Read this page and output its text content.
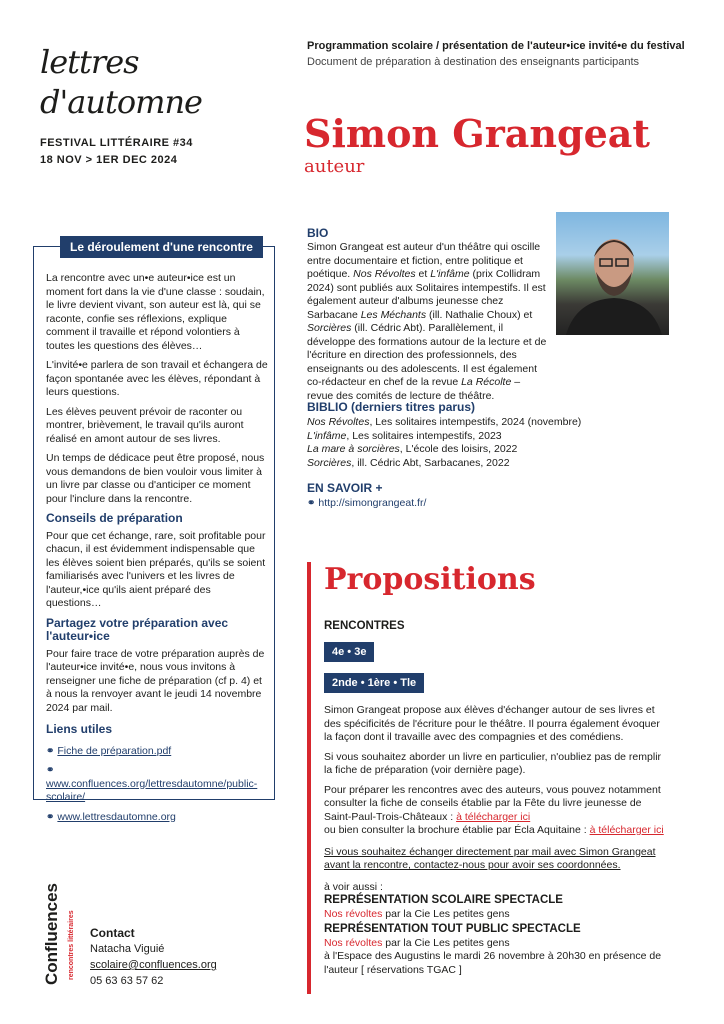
lettres
d'automne
FESTIVAL LITTÉRAIRE #34
18 NOV > 1ER DEC 2024
Programmation scolaire / présentation de l'auteur•ice invité•e du festival
Document de préparation à destination des enseignants participants
Simon Grangeat
auteur
Le déroulement d'une rencontre

La rencontre avec un•e auteur•ice est un moment fort dans la vie d'une classe : soudain, le livre devient vivant, son auteur est là, qui se raconte, confie ses réflexions, explique comment il travaille et répond volontiers à toutes les questions des élèves…

L'invité•e parlera de son travail et échangera de façon spontanée avec les élèves, répondant à leurs questions.

Les élèves peuvent prévoir de raconter ou montrer, brièvement, le travail qu'ils auront réalisé en amont autour de ses livres.

Un temps de dédicace peut être proposé, nous vous demandons de bien vouloir vous limiter à un livre par classe ou d'anticiper ce moment pour l'inclure dans la rencontre.

Conseils de préparation

Pour que cet échange, rare, soit profitable pour chacun, il est évidemment indispensable que les élèves soient bien préparés, qu'ils se soient familiarisés avec l'univers et les livres de l'auteur,•ice qu'ils aient préparé des questions…

Partagez votre préparation avec l'auteur•ice

Pour faire trace de votre préparation auprès de l'auteur•ice invité•e, nous vous invitons à renseigner une fiche de préparation (cf p. 4) et à nous la renvoyer avant le jeudi 14 novembre 2024 par mail.

Liens utiles
⚭ Fiche de préparation.pdf
⚭www.confluences.org/lettresdautomne/public-scolaire/
⚭ www.lettresdautomne.org
BIO
Simon Grangeat est auteur d'un théâtre qui oscille entre documentaire et fiction, entre politique et poétique. Nos Révoltes et L'infâme (prix Collidram 2024) sont publiés aux Solitaires intempestifs. Il est également auteur d'albums jeunesse chez Sarbacane Les Méchants (ill. Nathalie Choux) et Sorcières (ill. Cédric Abt). Parallèlement, il développe des formations autour de la lecture et de l'écriture en direction des professionnels, des enseignants ou des adolescents. Il est également co-rédacteur en chef de la revue La Récolte – revue des comités de lecture de théâtre.
BIBLIO (derniers titres parus)
Nos Révoltes, Les solitaires intempestifs, 2024 (novembre)
L'infâme, Les solitaires intempestifs, 2023
La mare à sorcières, L'école des loisirs, 2022
Sorcières, ill. Cédric Abt, Sarbacanes, 2022
EN SAVOIR +
⚭ http://simongrangeat.fr/
Propositions
RENCONTRES
4e • 3e
2nde • 1ère • Tle

Simon Grangeat propose aux élèves d'échanger autour de ses livres et des spécificités de l'écriture pour le théâtre. Il pourra également évoquer la façon dont il travaille avec des compagnies et des comédiens.

Si vous souhaitez aborder un livre en particulier, n'oubliez pas de remplir la fiche de préparation (voir dernière page).

Pour préparer les rencontres avec des auteurs, vous pouvez notamment consulter la fiche de conseils établie par la Fête du livre jeunesse de Saint-Paul-Trois-Châteaux : à télécharger ici

ou bien consulter la brochure établie par Écla Aquitaine : à télécharger ici

Si vous souhaitez échanger directement par mail avec Simon Grangeat avant la rencontre, contactez-nous pour avoir ses coordonnées.

à voir aussi :
REPRÉSENTATION SCOLAIRE SPECTACLE
Nos révoltes par la Cie Les petites gens
REPRÉSENTATION TOUT PUBLIC SPECTACLE
Nos révoltes par la Cie Les petites gens
à l'Espace des Augustins le mardi 26 novembre à 20h30 en présence de l'auteur [ réservations TGAC ]
Confluences	rencontres littéraires Contact
Natacha Viguié
scolaire@confluences.org
05 63 63 57 62
